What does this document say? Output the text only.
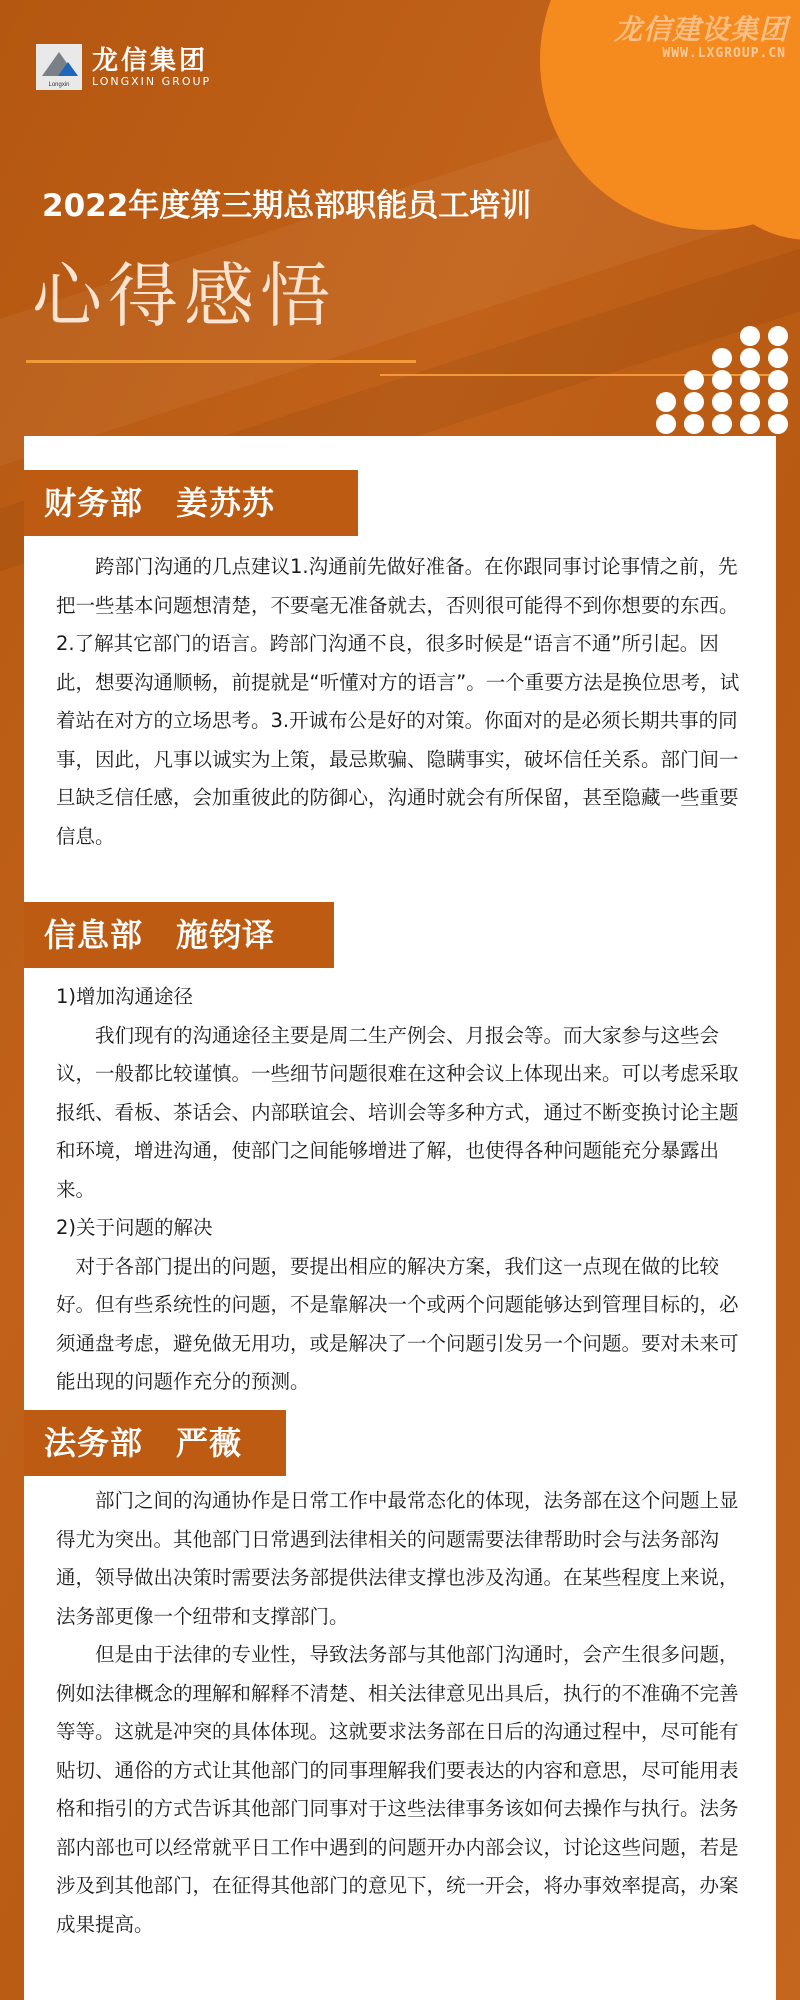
龙信建设集团
WWW.LXGROUP.CN
Longxin
龙信集团
LONGXIN GROUP
2022年度第三期总部职能员工培训
心得感悟
财务部　姜苏苏

跨部门沟通的几点建议1.沟通前先做好准备。在你跟同事讨论事情之前，先把一些基本问题想清楚，不要毫无准备就去，否则很可能得不到你想要的东西。2.了解其它部门的语言。跨部门沟通不良，很多时候是“语言不通”所引起。因此，想要沟通顺畅，前提就是“听懂对方的语言”。一个重要方法是换位思考，试着站在对方的立场思考。3.开诚布公是好的对策。你面对的是必须长期共事的同事，因此，凡事以诚实为上策，最忌欺骗、隐瞒事实，破坏信任关系。部门间一旦缺乏信任感，会加重彼此的防御心，沟通时就会有所保留，甚至隐藏一些重要信息。

信息部　施钧译

1)增加沟通途径

我们现有的沟通途径主要是周二生产例会、月报会等。而大家参与这些会议，一般都比较谨慎。一些细节问题很难在这种会议上体现出来。可以考虑采取报纸、看板、茶话会、内部联谊会、培训会等多种方式，通过不断变换讨论主题和环境，增进沟通，使部门之间能够增进了解，也使得各种问题能充分暴露出来。

2)关于问题的解决

对于各部门提出的问题，要提出相应的解决方案，我们这一点现在做的比较好。但有些系统性的问题，不是靠解决一个或两个问题能够达到管理目标的，必须通盘考虑，避免做无用功，或是解决了一个问题引发另一个问题。要对未来可能出现的问题作充分的预测。

法务部　严薇

部门之间的沟通协作是日常工作中最常态化的体现，法务部在这个问题上显得尤为突出。其他部门日常遇到法律相关的问题需要法律帮助时会与法务部沟通，领导做出决策时需要法务部提供法律支撑也涉及沟通。在某些程度上来说，法务部更像一个纽带和支撑部门。

但是由于法律的专业性，导致法务部与其他部门沟通时，会产生很多问题，例如法律概念的理解和解释不清楚、相关法律意见出具后，执行的不准确不完善等等。这就是冲突的具体体现。这就要求法务部在日后的沟通过程中，尽可能有贴切、通俗的方式让其他部门的同事理解我们要表达的内容和意思，尽可能用表格和指引的方式告诉其他部门同事对于这些法律事务该如何去操作与执行。法务部内部也可以经常就平日工作中遇到的问题开办内部会议，讨论这些问题，若是涉及到其他部门，在征得其他部门的意见下，统一开会，将办事效率提高，办案成果提高。
